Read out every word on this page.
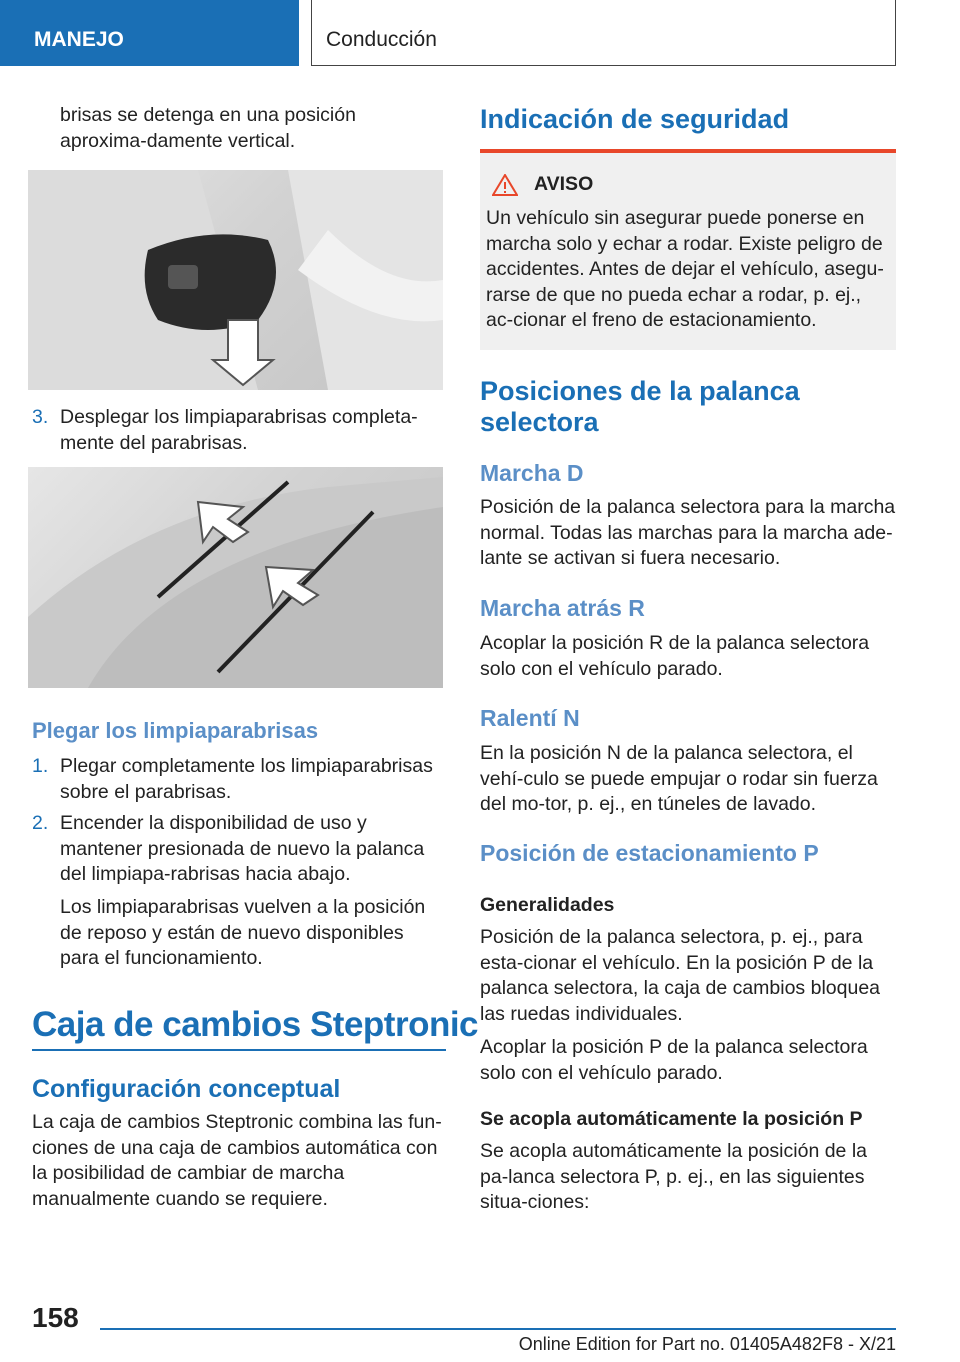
MANEJO	Conducción

brisas se detenga en una posición aproxima-damente vertical.

3. Desplegar los limpiaparabrisas completa-mente del parabrisas.
Plegar los limpiaparabrisas
1. Plegar completamente los limpiaparabrisas sobre el parabrisas.
2. Encender la disponibilidad de uso y mantener presionada de nuevo la palanca del limpiapa-rabrisas hacia abajo.

Los limpiaparabrisas vuelven a la posición de reposo y están de nuevo disponibles para el funcionamiento.

Caja de cambios Steptronic
Configuración conceptual

La caja de cambios Steptronic combina las fun-ciones de una caja de cambios automática con la posibilidad de cambiar de marcha manualmente cuando se requiere.

Indicación de seguridad
AVISO

Un vehículo sin asegurar puede ponerse en marcha solo y echar a rodar. Existe peligro de accidentes. Antes de dejar el vehículo, asegu-rarse de que no pueda echar a rodar, p. ej., ac-cionar el freno de estacionamiento.

Posiciones de la palanca selectora
Marcha D

Posición de la palanca selectora para la marcha normal. Todas las marchas para la marcha ade-lante se activan si fuera necesario.

Marcha atrás R

Acoplar la posición R de la palanca selectora solo con el vehículo parado.

Ralentí N

En la posición N de la palanca selectora, el vehí-culo se puede empujar o rodar sin fuerza del mo-tor, p. ej., en túneles de lavado.

Posición de estacionamiento P
Generalidades

Posición de la palanca selectora, p. ej., para esta-cionar el vehículo. En la posición P de la palanca selectora, la caja de cambios bloquea las ruedas individuales.

Acoplar la posición P de la palanca selectora solo con el vehículo parado.

Se acopla automáticamente la posición P

Se acopla automáticamente la posición de la pa-lanca selectora P, p. ej., en las siguientes situa-ciones:

158
Online Edition for Part no. 01405A482F8 - X/21
